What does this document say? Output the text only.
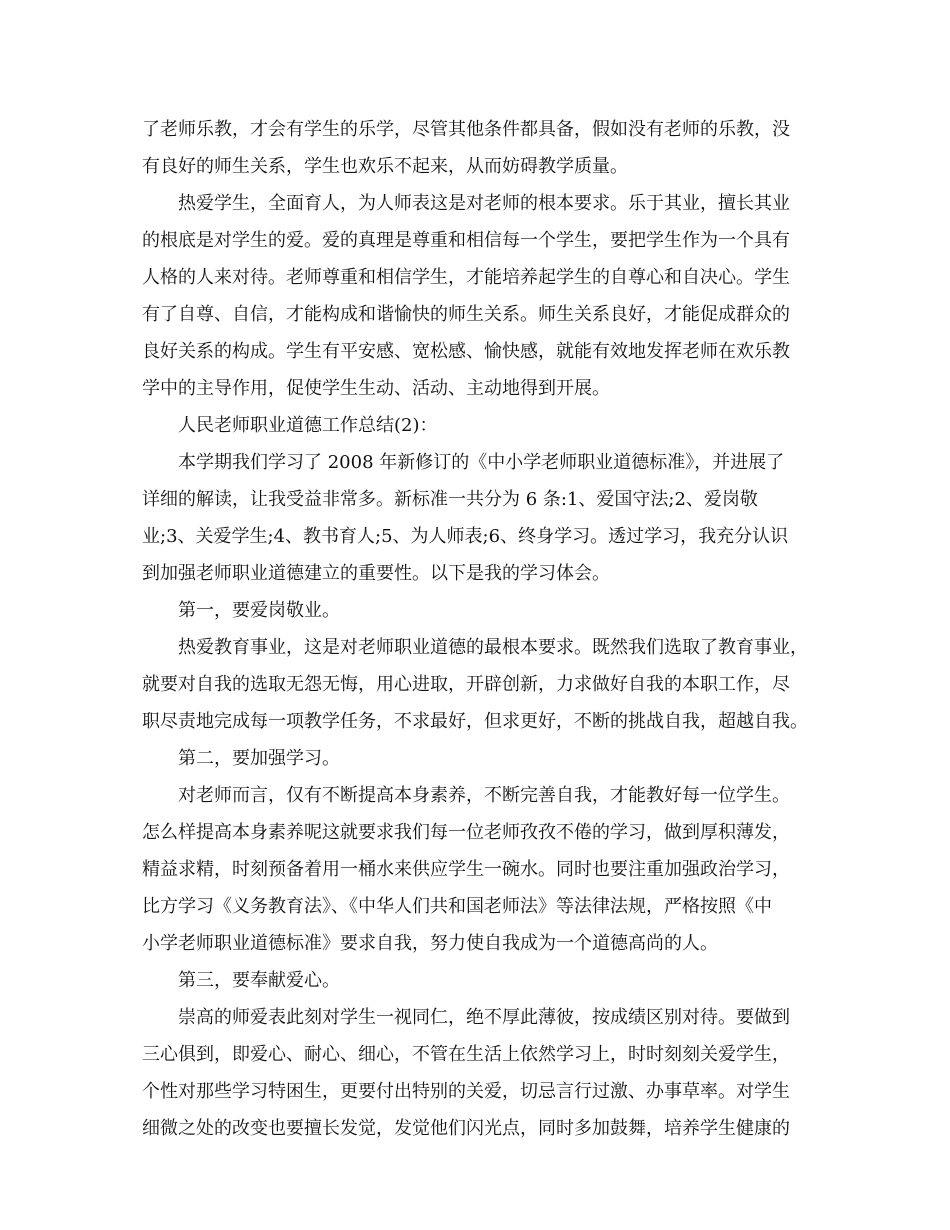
了老师乐教，才会有学生的乐学，尽管其他条件都具备，假如没有老师的乐教，没
有良好的师生关系，学生也欢乐不起来，从而妨碍教学质量。
热爱学生，全面育人，为人师表这是对老师的根本要求。乐于其业，擅长其业
的根底是对学生的爱。爱的真理是尊重和相信每一个学生，要把学生作为一个具有
人格的人来对待。老师尊重和相信学生，才能培养起学生的自尊心和自决心。学生
有了自尊、自信，才能构成和谐愉快的师生关系。师生关系良好，才能促成群众的
良好关系的构成。学生有平安感、宽松感、愉快感，就能有效地发挥老师在欢乐教
学中的主导作用，促使学生生动、活动、主动地得到开展。
人民老师职业道德工作总结(2)：
本学期我们学习了 2008 年新修订的《中小学老师职业道德标准》，并进展了
详细的解读，让我受益非常多。新标准一共分为 6 条:1、爱国守法;2、爱岗敬
业;3、关爱学生;4、教书育人;5、为人师表;6、终身学习。透过学习，我充分认识
到加强老师职业道德建立的重要性。以下是我的学习体会。
第一，要爱岗敬业。
热爱教育事业，这是对老师职业道德的最根本要求。既然我们选取了教育事业，
就要对自我的选取无怨无悔，用心进取，开辟创新，力求做好自我的本职工作，尽
职尽责地完成每一项教学任务，不求最好，但求更好，不断的挑战自我，超越自我。
第二，要加强学习。
对老师而言，仅有不断提高本身素养，不断完善自我，才能教好每一位学生。
怎么样提高本身素养呢这就要求我们每一位老师孜孜不倦的学习，做到厚积薄发，
精益求精，时刻预备着用一桶水来供应学生一碗水。同时也要注重加强政治学习，
比方学习《义务教育法》、《中华人们共和国老师法》等法律法规，严格按照《中
小学老师职业道德标准》要求自我，努力使自我成为一个道德高尚的人。
第三，要奉献爱心。
崇高的师爱表此刻对学生一视同仁，绝不厚此薄彼，按成绩区别对待。要做到
三心俱到，即爱心、耐心、细心，不管在生活上依然学习上，时时刻刻关爱学生，
个性对那些学习特困生，更要付出特别的关爱，切忌言行过激、办事草率。对学生
细微之处的改变也要擅长发觉，发觉他们闪光点，同时多加鼓舞，培养学生健康的
